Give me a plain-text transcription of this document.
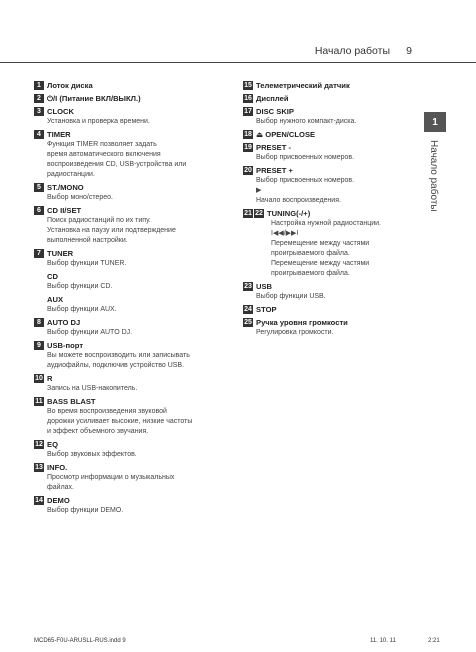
Начало работы 9
1
Начало работы
1 Лоток диска
2 ⏻/I (Питание ВКЛ/ВЫКЛ.)
3 CLOCK
Установка и проверка времени.
4 TIMER
Функция TIMER позволяет задать
время автоматического включения
воспроизведения CD, USB-устройства или
радиостанции.
5 ST./MONO
Выбор моно/стерео.
6 CD II/SET
Поиск радиостанций по их типу.
Установка на паузу или подтверждение
выполненной настройки.
7 TUNER
Выбор функции TUNER.
CD
Выбор функции CD.
AUX
Выбор функции AUX.
8 AUTO DJ
Выбор функции AUTO DJ.
9 USB-порт
Вы можете воспроизводить или записывать
аудиофайлы, подключив устройство USB.
10 R
Запись на USB-накопитель.
11 BASS BLAST
Во время воспроизведения звуковой
дорожки усиливает высокие, низкие частоты
и эффект объемного звучания.
12 EQ
Выбор звуковых эффектов.
13 INFO.
Просмотр информации о музыкальных
файлах.
14 DEMO
Выбор функции DEMO.
15 Телеметрический датчик
16 Дисплей
17 DISC SKIP
Выбор нужного компакт-диска.
18 ⏏ OPEN/CLOSE
19 PRESET -
Выбор присвоенных номеров.
20 PRESET +
Выбор присвоенных номеров.
▶
Начало воспроизведения.
21 22 TUNING(-/+)
Настройка нужной радиостанции.
I◀◀/▶▶I
Перемещение между частями
проигрываемого файла.
Перемещение между частями
проигрываемого файла.
23 USB
Выбор функции USB.
24 STOP
25 Ручка уровня громкости
Регулировка громкости.
MCD65-F0U-ARUSLL-RUS.indd 9	11. 10. 11	2:21
